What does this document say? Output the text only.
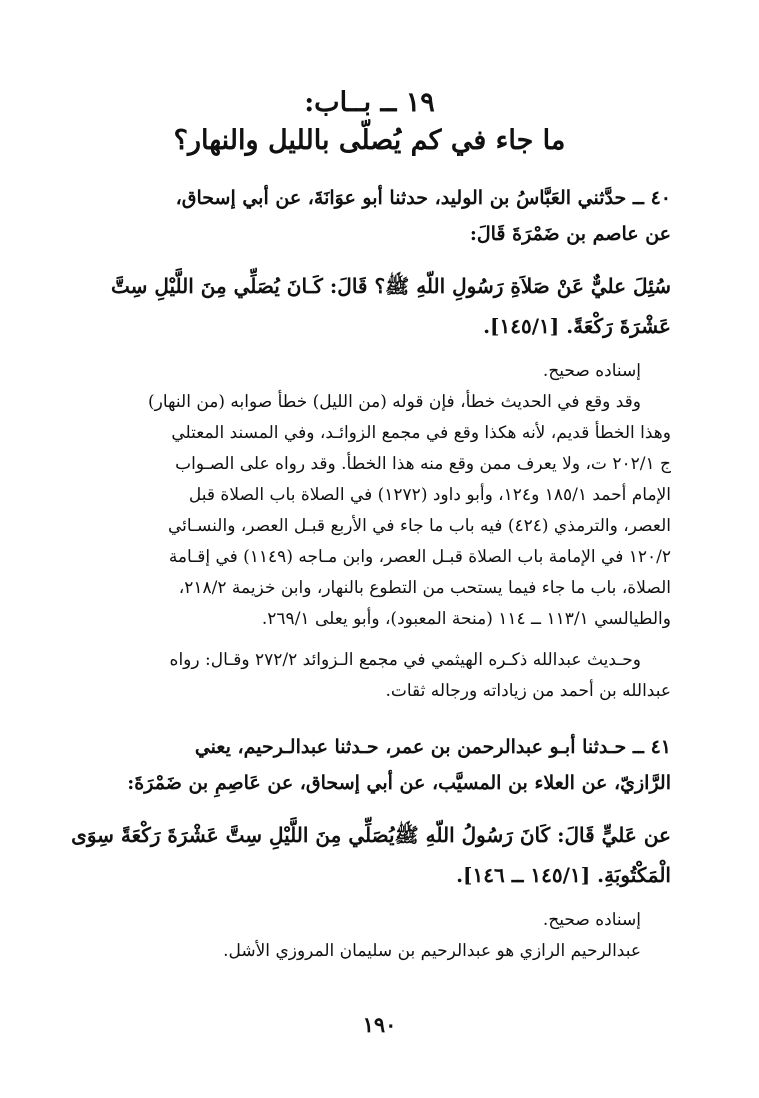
١٩ ــ بــاب:

ما جاء في كم يُصلّى بالليل والنهار؟

٤٠ ــ حدَّثني العَبَّاسُ بن الوليد، حدثنا أبو عوَانَةَ، عن أبي إسحاق،

عن عاصم بن ضَمْرَةَ قَالَ:

سُئِلَ عليٌّ عَنْ صَلاَةِ رَسُولِ اللّهِ ﷺ؟ قَالَ: كَـانَ يُصَلِّي مِنَ اللَّيْلِ سِتَّ

عَشْرَةَ رَكْعَةً. [١٤٥/١].

إسناده صحيح.

وقد وقع في الحديث خطأ، فإن قوله (من الليل) خطأ صوابه (من النهار)

وهذا الخطأ قديم، لأنه هكذا وقع في مجمع الزوائـد، وفي المسند المعتلي

ج ٢٠٢/١ ت، ولا يعرف ممن وقع منه هذا الخطأ. وقد رواه على الصـواب

الإمام أحمد ١٨٥/١ و١٢٤، وأبو داود (١٢٧٢) في الصلاة باب الصلاة قبل

العصر، والترمذي (٤٢٤) فيه باب ما جاء في الأربع قبـل العصر، والنسـائي

١٢٠/٢ في الإمامة باب الصلاة قبـل العصر، وابن مـاجه (١١٤٩) في إقـامة

الصلاة، باب ما جاء فيما يستحب من التطوع بالنهار، وابن خزيمة ٢١٨/٢،

والطيالسي ١١٣/١ ــ ١١٤ (منحة المعبود)، وأبو يعلى ٢٦٩/١.

وحـديث عبدالله ذكـره الهيثمي في مجمع الـزوائد ٢٧٢/٢ وقـال: رواه

عبدالله بن أحمد من زياداته ورجاله ثقات.

٤١ ــ حـدثنا أبـو عبدالرحمن بن عمر، حـدثنا عبدالـرحيم، يعني

الرَّازيّ، عن العلاء بن المسيَّب، عن أبي إسحاق، عن عَاصِمِ بن ضَمْرَةَ:

عن عَليٍّ قَالَ: كَانَ رَسُولُ اللّهِ ﷺيُصَلِّي مِنَ اللَّيْلِ سِتَّ عَشْرَةَ رَكْعَةً سِوَى

الْمَكْتُوبَةِ. [١٤٥/١ ــ ١٤٦].

إسناده صحيح.

عبدالرحيم الرازي هو عبدالرحيم بن سليمان المروزي الأشل.

١٩٠
